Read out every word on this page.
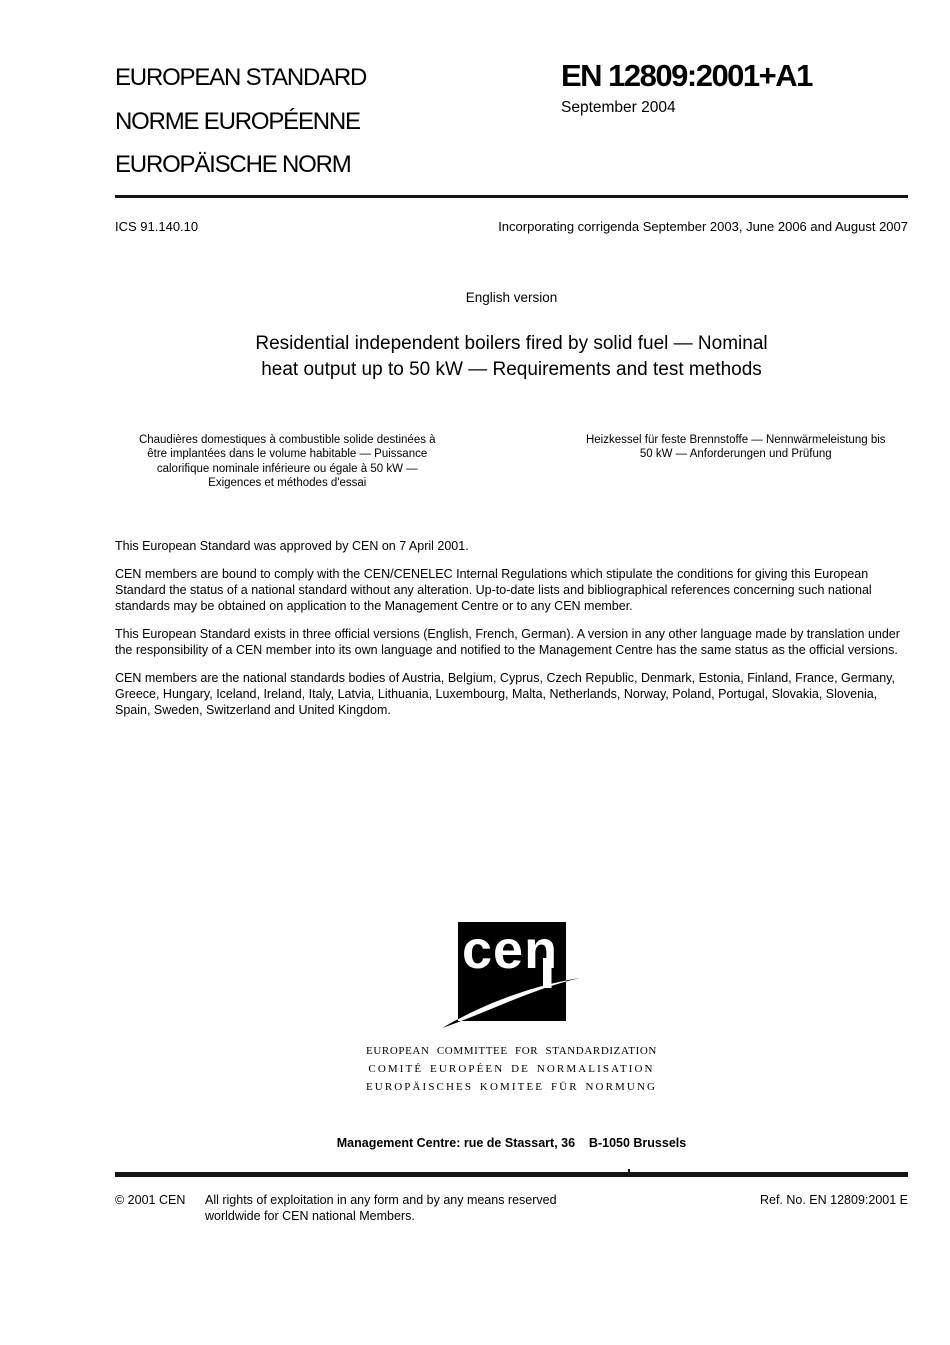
EUROPEAN STANDARD
NORME EUROPÉENNE
EUROPÄISCHE NORM
EN 12809:2001+A1
September 2004
ICS 91.140.10	Incorporating corrigenda September 2003, June 2006 and August 2007
English version
Residential independent boilers fired by solid fuel — Nominal
heat output up to 50 kW — Requirements and test methods
Chaudières domestiques à combustible solide destinées à
être implantées dans le volume habitable — Puissance
calorifique nominale inférieure ou égale à 50 kW —
Exigences et méthodes d'essai
Heizkessel für feste Brennstoffe — Nennwärmeleistung bis
50 kW — Anforderungen und Prüfung

This European Standard was approved by CEN on 7 April 2001.

CEN members are bound to comply with the CEN/CENELEC Internal Regulations which stipulate the conditions for giving this European Standard the status of a national standard without any alteration. Up-to-date lists and bibliographical references concerning such national standards may be obtained on application to the Management Centre or to any CEN member.

This European Standard exists in three official versions (English, French, German). A version in any other language made by translation under the responsibility of a CEN member into its own language and notified to the Management Centre has the same status as the official versions.

CEN members are the national standards bodies of Austria, Belgium, Cyprus, Czech Republic, Denmark, Estonia, Finland, France, Germany, Greece, Hungary, Iceland, Ireland, Italy, Latvia, Lithuania, Luxembourg, Malta, Netherlands, Norway, Poland, Portugal, Slovakia, Slovenia, Spain, Sweden, Switzerland and United Kingdom.

cen
EUROPEAN COMMITTEE FOR STANDARDIZATION
COMITÉ EUROPÉEN DE NORMALISATION
EUROPÄISCHES KOMITEE FÜR NORMUNG
Management Centre: rue de Stassart, 36    B-1050 Brussels
© 2001 CEN	All rights of exploitation in any form and by any means reserved
worldwide for CEN national Members.
Ref. No. EN 12809:2001 E
